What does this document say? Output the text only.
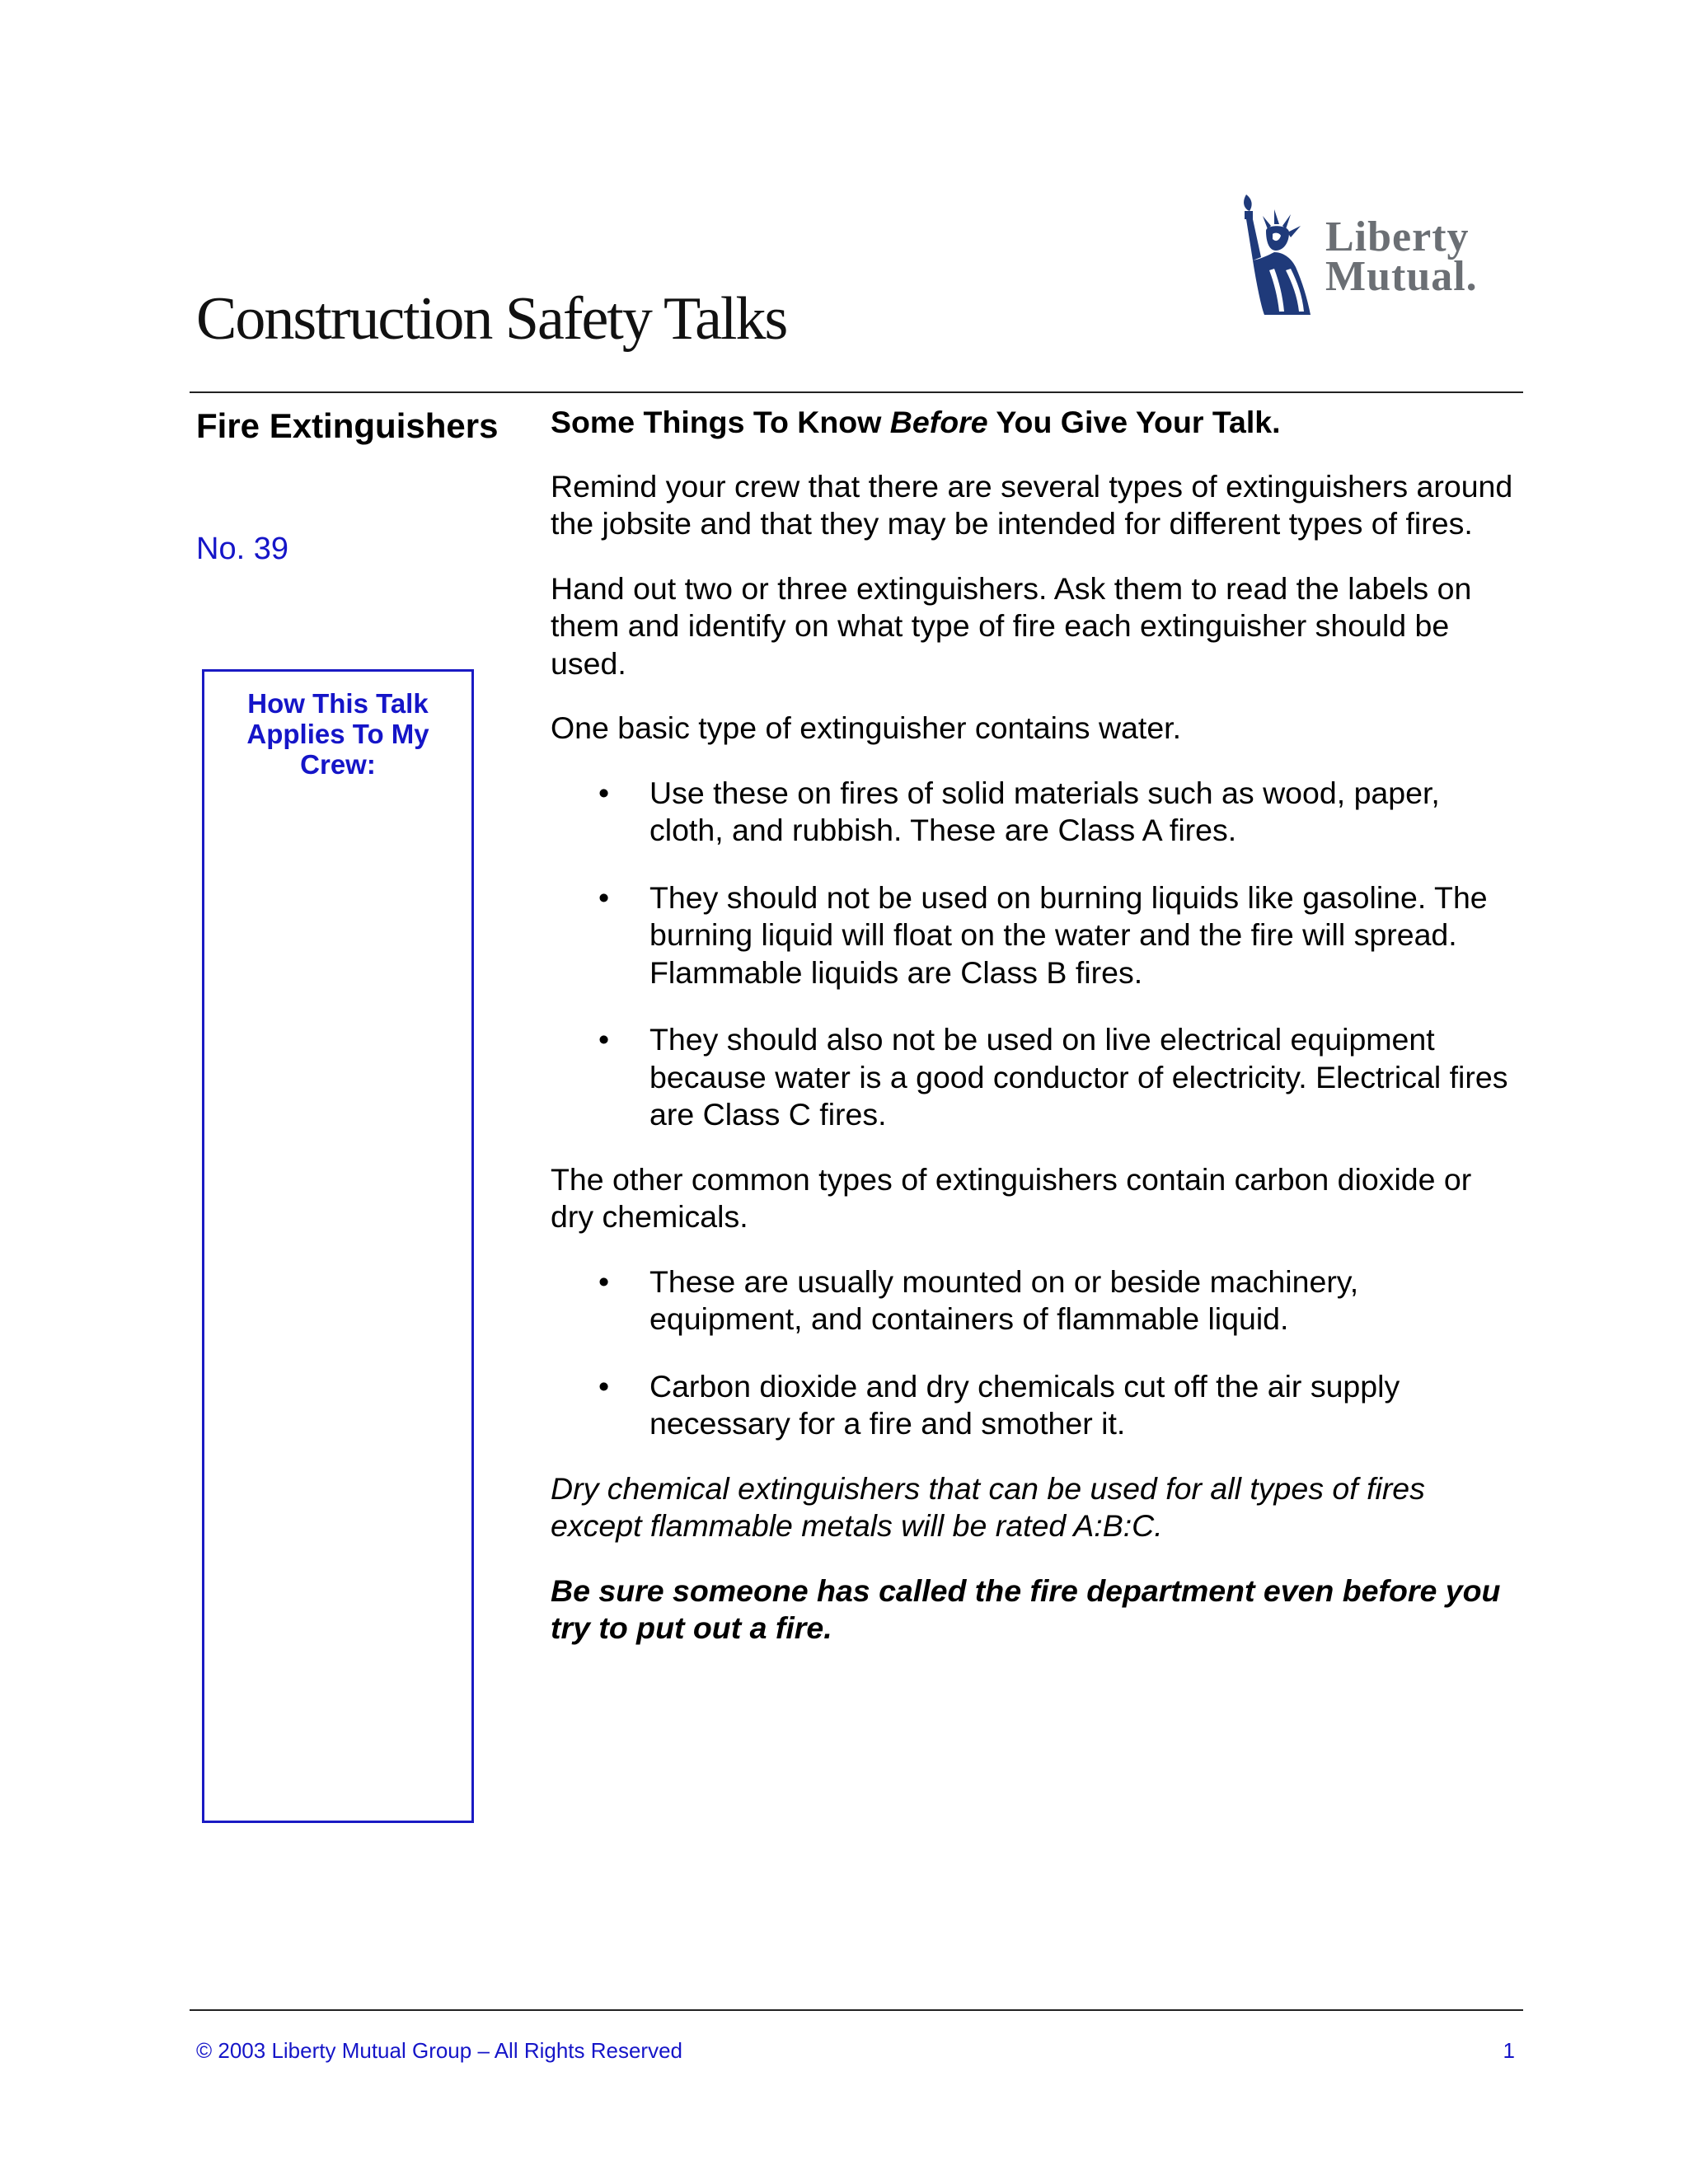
Liberty
Mutual.
Construction Safety Talks
Fire Extinguishers
No. 39
How This Talk Applies To My Crew:

Some Things To Know Before You Give Your Talk.

Remind your crew that there are several types of extinguishers around the jobsite and that they may be intended for different types of fires.

Hand out two or three extinguishers. Ask them to read the labels on them and identify on what type of fire each extinguisher should be used.

One basic type of extinguisher contains water.

• Use these on fires of solid materials such as wood, paper, cloth, and rubbish. These are Class A fires.
• They should not be used on burning liquids like gasoline. The burning liquid will float on the water and the fire will spread. Flammable liquids are Class B fires.
• They should also not be used on live electrical equipment because water is a good conductor of electricity. Electrical fires are Class C fires.

The other common types of extinguishers contain carbon dioxide or dry chemicals.

• These are usually mounted on or beside machinery, equipment, and containers of flammable liquid.
• Carbon dioxide and dry chemicals cut off the air supply necessary for a fire and smother it.

Dry chemical extinguishers that can be used for all types of fires except flammable metals will be rated A:B:C.

Be sure someone has called the fire department even before you try to put out a fire.

© 2003 Liberty Mutual Group – All Rights Reserved	1
